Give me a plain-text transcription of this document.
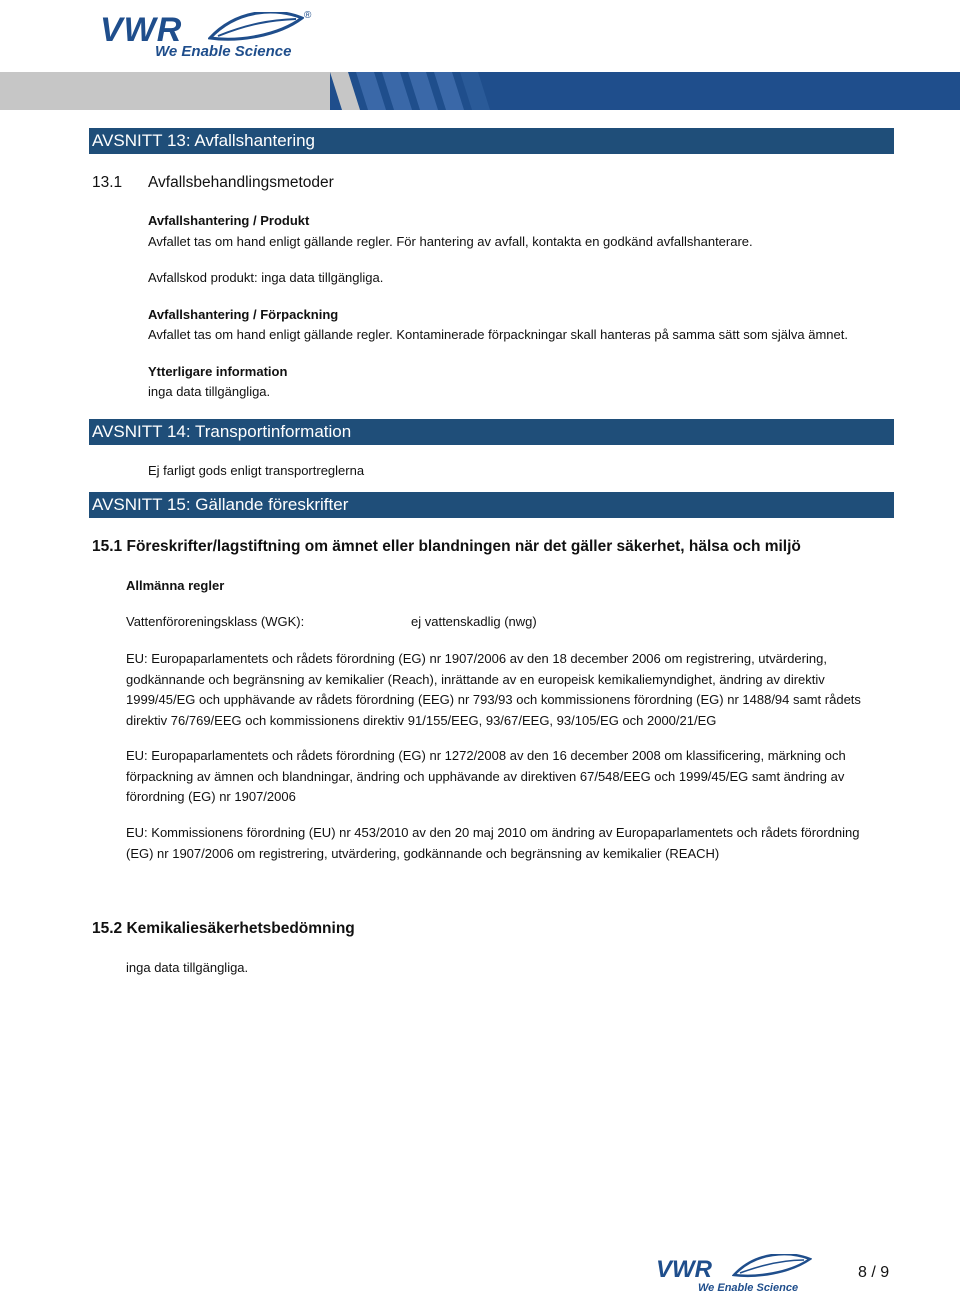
VWR	®
We Enable Science
AVSNITT 13: Avfallshantering
13.1 Avfallsbehandlingsmetoder
Avfallshantering / Produkt
Avfallet tas om hand enligt gällande regler. För hantering av avfall, kontakta en godkänd avfallshanterare.
Avfallskod produkt: inga data tillgängliga.
Avfallshantering / Förpackning
Avfallet tas om hand enligt gällande regler. Kontaminerade förpackningar skall hanteras på samma sätt som själva ämnet.
Ytterligare information
inga data tillgängliga.
AVSNITT 14: Transportinformation
Ej farligt gods enligt transportreglerna
AVSNITT 15: Gällande föreskrifter
15.1 Föreskrifter/lagstiftning om ämnet eller blandningen när det gäller säkerhet, hälsa och miljö
Allmänna regler
Vattenföroreningsklass (WGK):	ej vattenskadlig (nwg)
EU: Europaparlamentets och rådets förordning (EG) nr 1907/2006 av den 18 december 2006 om registrering, utvärdering,
godkännande och begränsning av kemikalier (Reach), inrättande av en europeisk kemikaliemyndighet, ändring av direktiv
1999/45/EG och upphävande av rådets förordning (EEG) nr 793/93 och kommissionens förordning (EG) nr 1488/94 samt rådets
direktiv 76/769/EEG och kommissionens direktiv 91/155/EEG, 93/67/EEG, 93/105/EG och 2000/21/EG
EU: Europaparlamentets och rådets förordning (EG) nr 1272/2008 av den 16 december 2008 om klassificering, märkning och
förpackning av ämnen och blandningar, ändring och upphävande av direktiven 67/548/EEG och 1999/45/EG samt ändring av
förordning (EG) nr 1907/2006
EU: Kommissionens förordning (EU) nr 453/2010 av den 20 maj 2010 om ändring av Europaparlamentets och rådets förordning
(EG) nr 1907/2006 om registrering, utvärdering, godkännande och begränsning av kemikalier (REACH)
15.2 Kemikaliesäkerhetsbedömning
inga data tillgängliga.
VWR
We Enable Science
8 / 9
